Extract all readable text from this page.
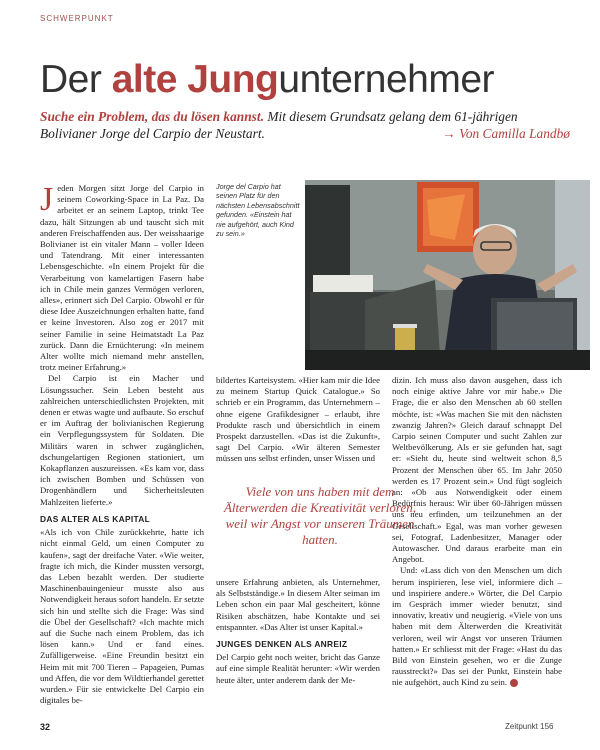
SCHWERPUNKT
Der alte Jungunternehmer
Suche ein Problem, das du lösen kannst. Mit diesem Grundsatz gelang dem 61-jährigen Bolivianer Jorge del Carpio der Neustart.	→ Von Camilla Landbø

Jeden Morgen sitzt Jorge del Carpio in seinem Coworking-Space in La Paz. Da arbeitet er an seinem Laptop, trinkt Tee dazu, hält Sitzungen ab und tauscht sich mit anderen Freischaffenden aus. Der weisshaarige Bolivianer ist ein vitaler Mann – voller Ideen und Tatendrang. Mit einer interessanten Lebensgeschichte. «In einem Projekt für die Verarbeitung von kamelartigen Fasern habe ich in Chile mein ganzes Vermögen verloren, alles», erinnert sich Del Carpio. Obwohl er für diese Idee Auszeichnungen erhalten hatte, fand er keine Investoren. Also zog er 2017 mit seiner Familie in seine Heimatstadt La Paz zurück. Dann die Ernüchterung: «In meinem Alter wollte mich niemand mehr anstellen, trotz meiner Erfahrung.»

Del Carpio ist ein Macher und Lösungssucher. Sein Leben besteht aus zahlreichen unterschiedlichsten Projekten, mit denen er etwas wagte und aufbaute. So erschuf er im Auftrag der bolivianischen Regierung ein Verpflegungssystem für Soldaten. Die Militärs waren in schwer zugänglichen, dschungelartigen Regionen stationiert, um Kokapflanzen auszureissen. «Es kam vor, dass ich zwischen Bomben und Schüssen von Drogenhändlern und Sicherheitsleuten Mahlzeiten lieferte.»

DAS ALTER ALS KAPITAL

«Als ich von Chile zurückkehrte, hatte ich nicht einmal Geld, um einen Computer zu kaufen», sagt der dreifache Vater. «Wie weiter, fragte ich mich, die Kinder mussten versorgt, das Leben bezahlt werden. Der studierte Maschinenbauingenieur musste also aus Notwendigkeit heraus sofort handeln. Er setzte sich hin und stellte sich die Frage: Was sind die Übel der Gesellschaft? «Ich machte mich auf die Suche nach einem Problem, das ich lösen kann.» Und er fand eines. Zufälligerweise. «Eine Freundin besitzt ein Heim mit mit 700 Tieren – Papageien, Pumas und Affen, die vor dem Wildtierhandel gerettet wurden.» Für sie entwickelte Del Carpio ein digitales be-

Jorge del Carpio hat seinen Platz für den nächsten Lebensabschnitt gefunden. «Einstein hat nie aufgehört, auch Kind zu sein.»

bildertes Karteisystem. «Hier kam mir die Idee zu meinem Startup Quick Catalogue.» So schrieb er ein Programm, das Unternehmern – ohne eigene Grafikdesigner – erlaubt, ihre Produkte rasch und übersichtlich in einem Prospekt darzustellen. «Das ist die Zukunft», sagt Del Carpio. «Wir älteren Semester müssen uns selbst erfinden, unser Wissen und

Viele von uns haben mit dem Älterwerden die Kreativität verloren, weil wir Angst vor unseren Träumen hatten.

unsere Erfahrung anbieten, als Unternehmer, als Selbstständige.» In diesem Alter seiman im Leben schon ein paar Mal gescheitert, könne Risiken abschätzen, habe Kontakte und sei entspannter. «Das Alter ist unser Kapital.»

JUNGES DENKEN ALS ANREIZ

Del Carpio geht noch weiter, bricht das Ganze auf eine simple Realität herunter: «Wir werden heute älter, unter anderem dank der Me-

dizin. Ich muss also davon ausgehen, dass ich noch einige aktive Jahre vor mir habe.» Die Frage, die er also den Menschen ab 60 stellen möchte, ist: «Was machen Sie mit den nächsten zwanzig Jahren?» Gleich darauf schnappt Del Carpio seinen Computer und sucht Zahlen zur Weltbevölkerung. Als er sie gefunden hat, sagt er: «Sieht du, heute sind weltweit schon 8,5 Prozent der Menschen über 65. Im Jahr 2050 werden es 17 Prozent sein.» Und fügt sogleich an: «Ob aus Notwendigkeit oder einem Bedürfnis heraus: Wir über 60-Jährigen müssen uns neu erfinden, um teilzunehmen an der Gesellschaft.» Egal, was man vorher gewesen sei, Fotograf, Ladenbesitzer, Manager oder Autowascher. Und daraus erarbeite man ein Angebot.

Und: «Lass dich von den Menschen um dich herum inspirieren, lese viel, informiere dich – und inspiriere andere.» Wörter, die Del Carpio im Gespräch immer wieder benutzt, sind innovativ, kreativ und neugierig. «Viele von uns haben mit dem Älterwerden die Kreativität verloren, weil wir Angst vor unseren Träumen hatten.» Er schliesst mit der Frage: «Hast du das Bild von Einstein gesehen, wo er die Zunge rausstreckt?» Das sei der Punkt, Einstein habe nie aufgehört, auch Kind zu sein.

32	Zeitpunkt 156
